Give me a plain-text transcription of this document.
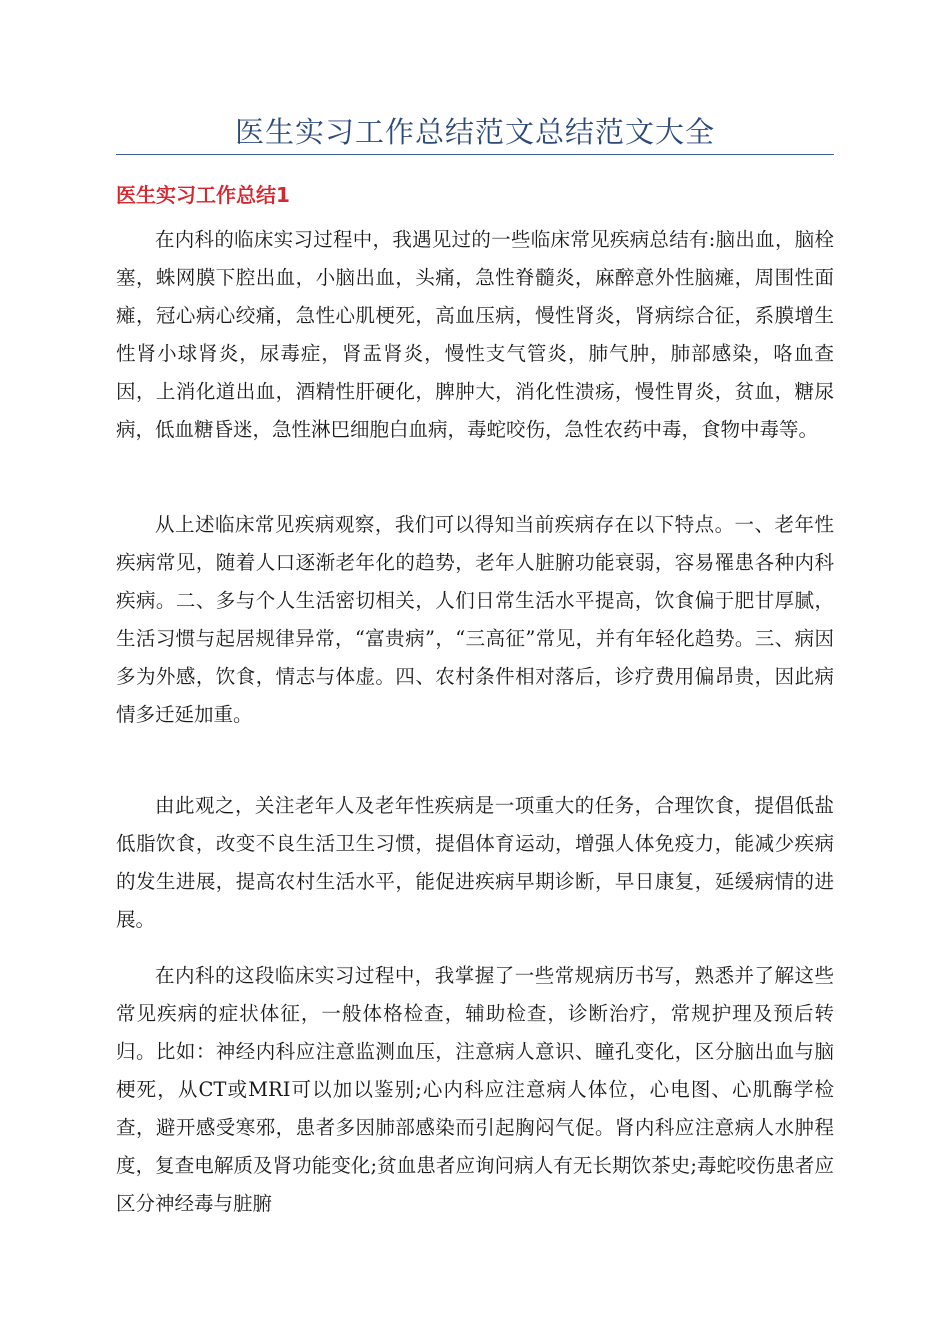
医生实习工作总结范文总结范文大全
医生实习工作总结1

在内科的临床实习过程中，我遇见过的一些临床常见疾病总结有:脑出血，脑栓塞，蛛网膜下腔出血，小脑出血，头痛，急性脊髓炎，麻醉意外性脑瘫，周围性面瘫，冠心病心绞痛，急性心肌梗死，高血压病，慢性肾炎，肾病综合征，系膜增生性肾小球肾炎，尿毒症，肾盂肾炎，慢性支气管炎，肺气肿，肺部感染，咯血查因，上消化道出血，酒精性肝硬化，脾肿大，消化性溃疡，慢性胃炎，贫血，糖尿病，低血糖昏迷，急性淋巴细胞白血病，毒蛇咬伤，急性农药中毒，食物中毒等。

从上述临床常见疾病观察，我们可以得知当前疾病存在以下特点。一、老年性疾病常见，随着人口逐渐老年化的趋势，老年人脏腑功能衰弱，容易罹患各种内科疾病。二、多与个人生活密切相关，人们日常生活水平提高，饮食偏于肥甘厚腻，生活习惯与起居规律异常，“富贵病”，“三高征”常见，并有年轻化趋势。三、病因多为外感，饮食，情志与体虚。四、农村条件相对落后，诊疗费用偏昂贵，因此病情多迁延加重。

由此观之，关注老年人及老年性疾病是一项重大的任务，合理饮食，提倡低盐低脂饮食，改变不良生活卫生习惯，提倡体育运动，增强人体免疫力，能减少疾病的发生进展，提高农村生活水平，能促进疾病早期诊断，早日康复，延缓病情的进展。

在内科的这段临床实习过程中，我掌握了一些常规病历书写，熟悉并了解这些常见疾病的症状体征，一般体格检查，辅助检查，诊断治疗，常规护理及预后转归。比如：神经内科应注意监测血压，注意病人意识、瞳孔变化，区分脑出血与脑梗死，从CT或MRI可以加以鉴别;心内科应注意病人体位，心电图、心肌酶学检查，避开感受寒邪，患者多因肺部感染而引起胸闷气促。肾内科应注意病人水肿程度，复查电解质及肾功能变化;贫血患者应询问病人有无长期饮茶史;毒蛇咬伤患者应区分神经毒与脏腑
